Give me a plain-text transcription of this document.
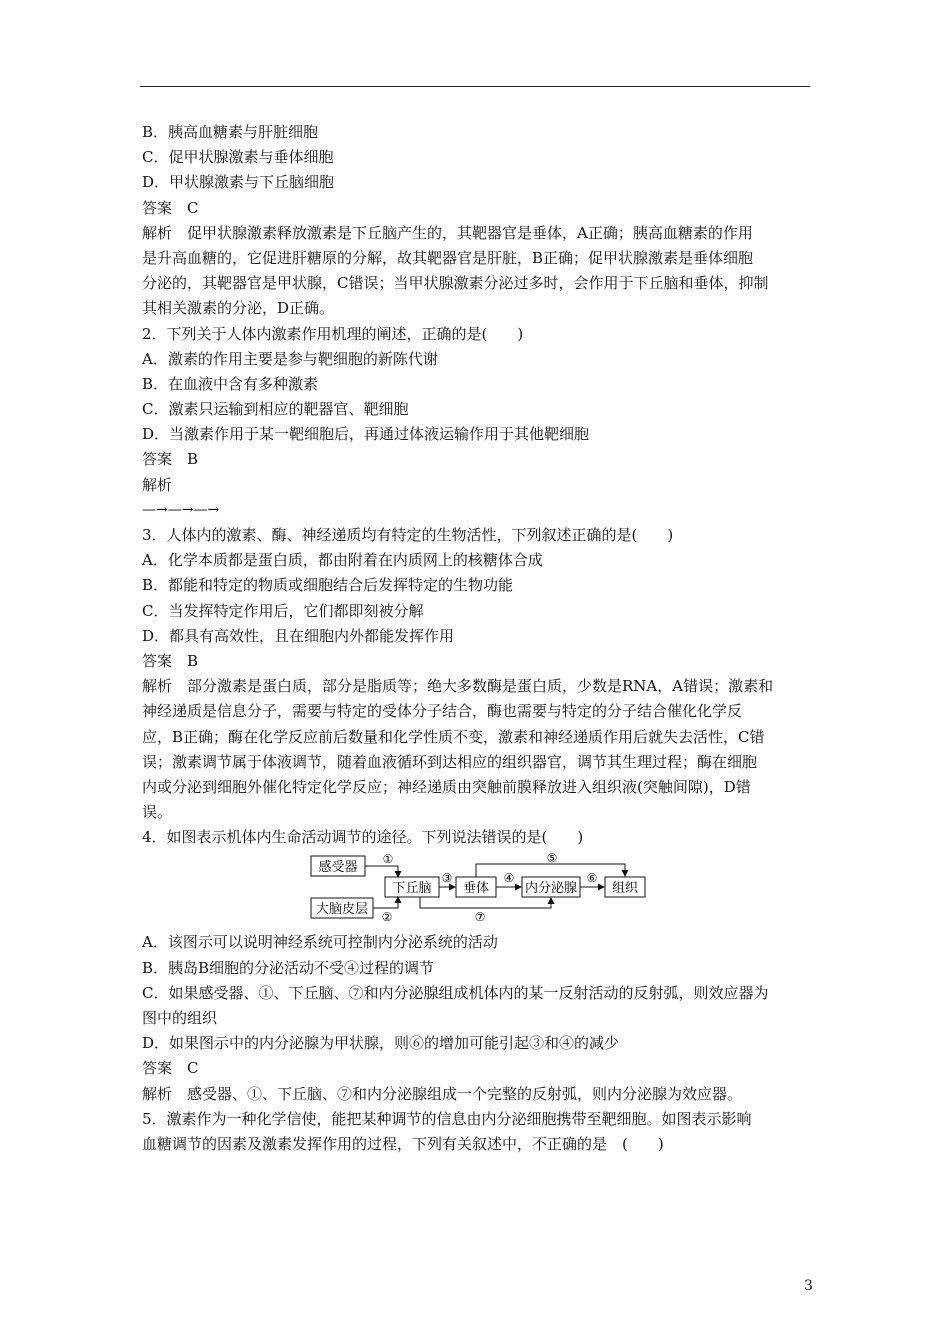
B．胰高血糖素与肝脏细胞
C．促甲状腺激素与垂体细胞
D．甲状腺激素与下丘脑细胞
答案　C
解析　促甲状腺激素释放激素是下丘脑产生的，其靶器官是垂体，A正确；胰高血糖素的作用
是升高血糖的，它促进肝糖原的分解，故其靶器官是肝脏，B正确；促甲状腺激素是垂体细胞
分泌的，其靶器官是甲状腺，C错误；当甲状腺激素分泌过多时，会作用于下丘脑和垂体，抑制
其相关激素的分泌，D正确。
2．下列关于人体内激素作用机理的阐述，正确的是(　　)
A．激素的作用主要是参与靶细胞的新陈代谢
B．在血液中含有多种激素
C．激素只运输到相应的靶器官、靶细胞
D．当激素作用于某一靶细胞后，再通过体液运输作用于其他靶细胞
答案　B
解析
—→—→—→
3．人体内的激素、酶、神经递质均有特定的生物活性，下列叙述正确的是(　　)
A．化学本质都是蛋白质，都由附着在内质网上的核糖体合成
B．都能和特定的物质或细胞结合后发挥特定的生物功能
C．当发挥特定作用后，它们都即刻被分解
D．都具有高效性，且在细胞内外都能发挥作用
答案　B
解析　部分激素是蛋白质，部分是脂质等；绝大多数酶是蛋白质，少数是RNA，A错误；激素和
神经递质是信息分子，需要与特定的受体分子结合，酶也需要与特定的分子结合催化化学反
应，B正确；酶在化学反应前后数量和化学性质不变，激素和神经递质作用后就失去活性，C错
误；激素调节属于体液调节，随着血液循环到达相应的组织器官，调节其生理过程；酶在细胞
内或分泌到细胞外催化特定化学反应；神经递质由突触前膜释放进入组织液(突触间隙)，D错
误。
4．如图表示机体内生命活动调节的途径。下列说法错误的是(　　)
感受器
大脑皮层
下丘脑 垂体	内分泌腺	组织
①
②
③	④
⑤
⑥
⑦
A．该图示可以说明神经系统可控制内分泌系统的活动
B．胰岛B细胞的分泌活动不受④过程的调节
C．如果感受器、①、下丘脑、⑦和内分泌腺组成机体内的某一反射活动的反射弧，则效应器为
图中的组织
D．如果图示中的内分泌腺为甲状腺，则⑥的增加可能引起③和④的减少
答案　C
解析　感受器、①、下丘脑、⑦和内分泌腺组成一个完整的反射弧，则内分泌腺为效应器。
5．激素作为一种化学信使，能把某种调节的信息由内分泌细胞携带至靶细胞。如图表示影响
血糖调节的因素及激素发挥作用的过程，下列有关叙述中，不正确的是　(　　)
3
